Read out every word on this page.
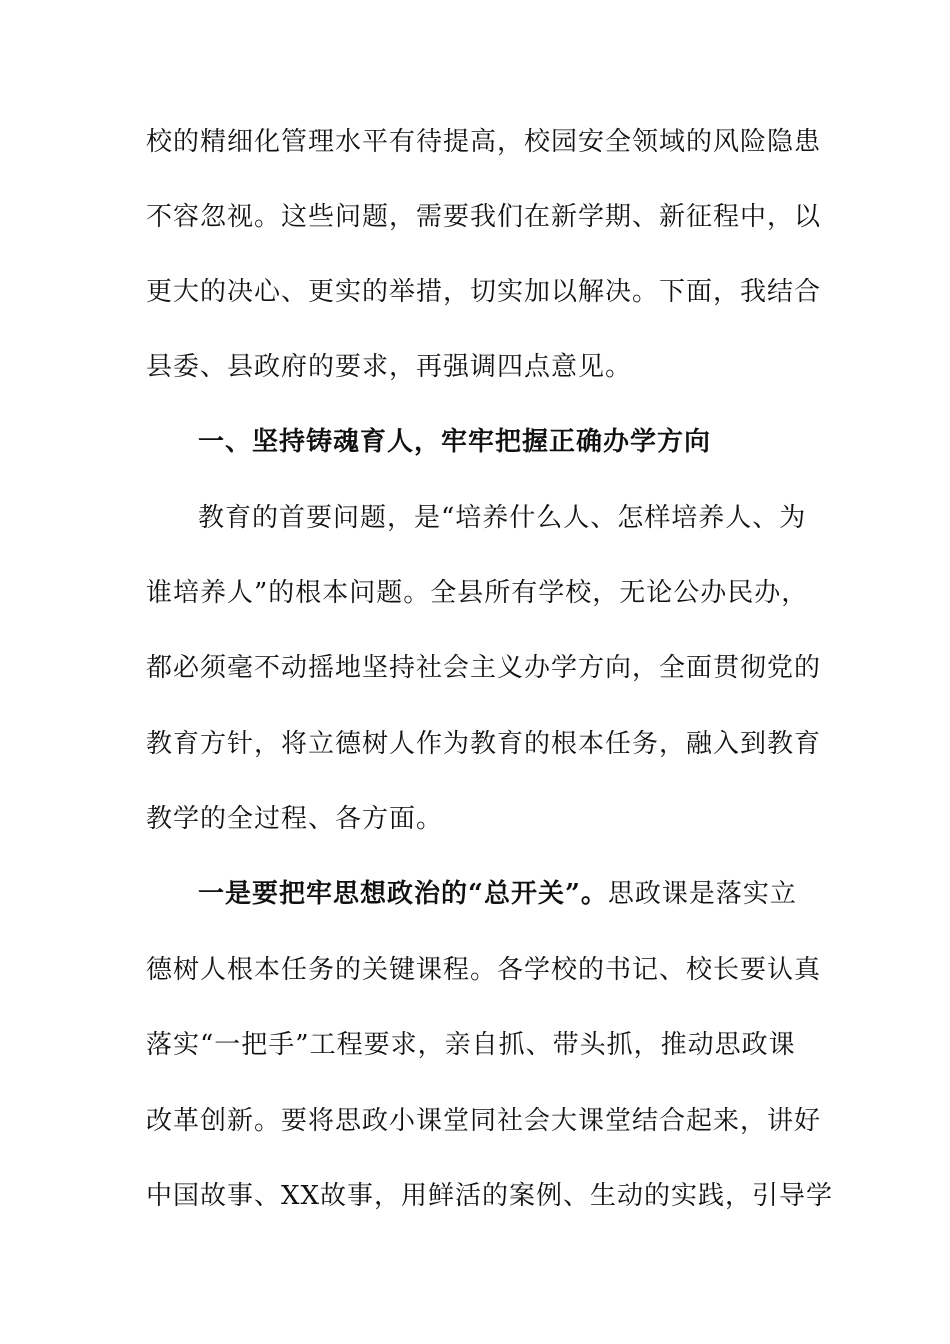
校的精细化管理水平有待提高，校园安全领域的风险隐患
不容忽视。这些问题，需要我们在新学期、新征程中，以
更大的决心、更实的举措，切实加以解决。下面，我结合
县委、县政府的要求，再强调四点意见。
一、坚持铸魂育人，牢牢把握正确办学方向
教育的首要问题，是“培养什么人、怎样培养人、为
谁培养人”的根本问题。全县所有学校，无论公办民办，
都必须毫不动摇地坚持社会主义办学方向，全面贯彻党的
教育方针，将立德树人作为教育的根本任务，融入到教育
教学的全过程、各方面。
一是要把牢思想政治的“总开关”。思政课是落实立
德树人根本任务的关键课程。各学校的书记、校长要认真
落实“一把手”工程要求，亲自抓、带头抓，推动思政课
改革创新。要将思政小课堂同社会大课堂结合起来，讲好
中国故事、XX故事，用鲜活的案例、生动的实践，引导学
